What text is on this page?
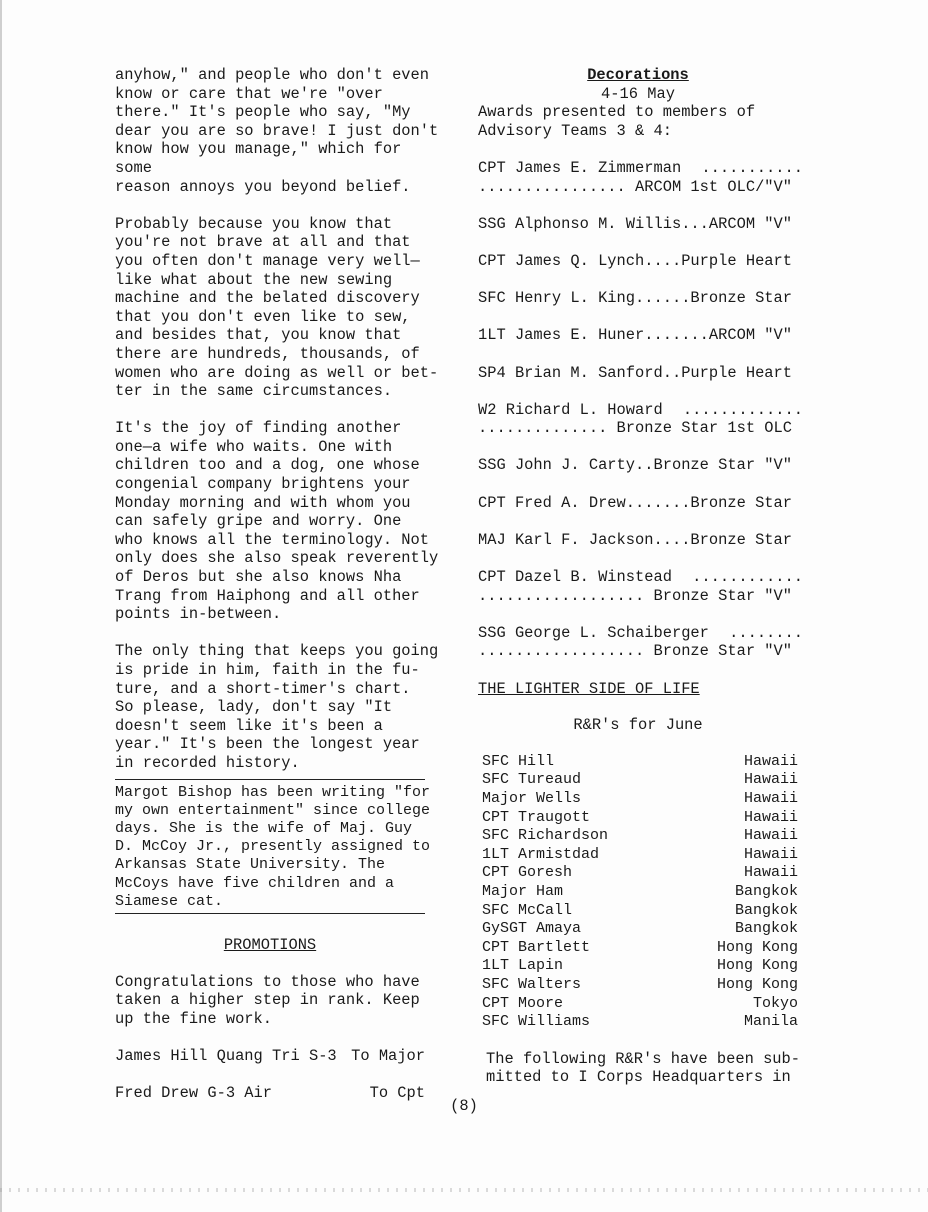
anyhow," and people who don't even
know or care that we're "over
there." It's people who say, "My
dear you are so brave! I just don't
know how you manage," which for some
reason annoys you beyond belief.

Probably because you know that
you're not brave at all and that
you often don't manage very well—
like what about the new sewing
machine and the belated discovery
that you don't even like to sew,
and besides that, you know that
there are hundreds, thousands, of
women who are doing as well or bet-
ter in the same circumstances.

It's the joy of finding another
one—a wife who waits. One with
children too and a dog, one whose
congenial company brightens your
Monday morning and with whom you
can safely gripe and worry. One
who knows all the terminology. Not
only does she also speak reverently
of Deros but she also knows Nha
Trang from Haiphong and all other
points in-between.

The only thing that keeps you going
is pride in him, faith in the fu-
ture, and a short-timer's chart.
So please, lady, don't say "It
doesn't seem like it's been a
year." It's been the longest year
in recorded history.

Margot Bishop has been writing "for
my own entertainment" since college
days. She is the wife of Maj. Guy
D. McCoy Jr., presently assigned to
Arkansas State University. The
McCoys have five children and a
Siamese cat.

PROMOTIONS

Congratulations to those who have
taken a higher step in rank. Keep
up the fine work.

James Hill Quang Tri S-3 To Major
Fred Drew G-3 Air	To Cpt
Decorations
4-16 May

Awards presented to members of
Advisory Teams 3 & 4:

CPT James E. Zimmerman ...........
................ ARCOM 1st OLC/"V"
SSG Alphonso M. Willis...ARCOM "V"
CPT James Q. Lynch....Purple Heart
SFC Henry L. King......Bronze Star
1LT James E. Huner.......ARCOM "V"
SP4 Brian M. Sanford..Purple Heart
W2 Richard L. Howard .............
.............. Bronze Star 1st OLC
SSG John J. Carty..Bronze Star "V"
CPT Fred A. Drew.......Bronze Star
MAJ Karl F. Jackson....Bronze Star
CPT Dazel B. Winstead ............
.................. Bronze Star "V"
SSG George L. Schaiberger ........
.................. Bronze Star "V"
THE LIGHTER SIDE OF LIFE
R&R's for June
SFC Hill	Hawaii
SFC Tureaud	Hawaii
Major Wells	Hawaii
CPT Traugott	Hawaii
SFC Richardson	Hawaii
1LT Armistdad	Hawaii
CPT Goresh	Hawaii
Major Ham	Bangkok
SFC McCall	Bangkok
GySGT Amaya	Bangkok
CPT Bartlett	Hong Kong
1LT Lapin	Hong Kong
SFC Walters	Hong Kong
CPT Moore	Tokyo
SFC Williams	Manila

The following R&R's have been sub-
mitted to I Corps Headquarters in

(8)
